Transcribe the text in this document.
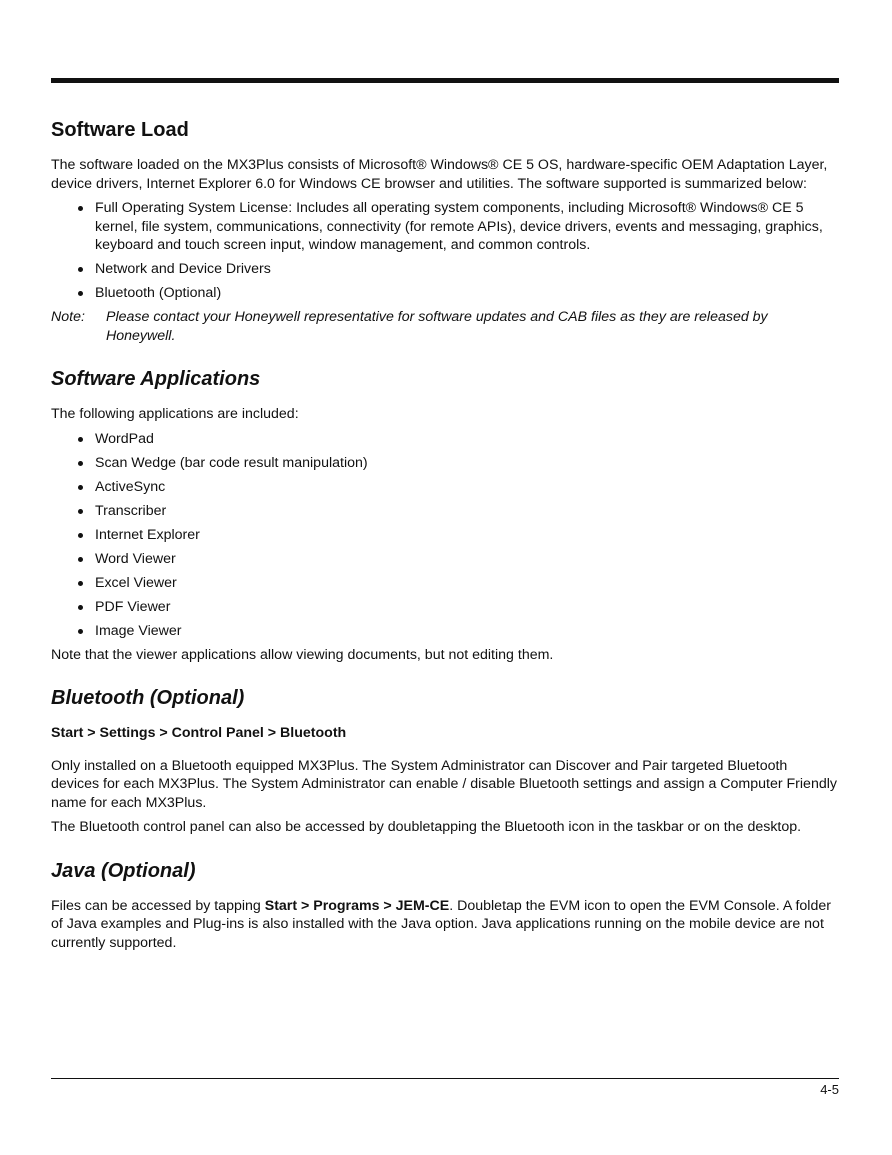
Software Load

The software loaded on the MX3Plus consists of Microsoft® Windows® CE 5 OS, hardware-specific OEM Adaptation Layer, device drivers, Internet Explorer 6.0 for Windows CE browser and utilities. The software supported is summarized below:

Full Operating System License: Includes all operating system components, including Microsoft® Windows® CE 5 kernel, file system, communications, connectivity (for remote APIs), device drivers, events and messaging, graphics, keyboard and touch screen input, window management, and common controls.
Network and Device Drivers
Bluetooth (Optional)
Note:	Please contact your Honeywell representative for software updates and CAB files as they are released by Honeywell.
Software Applications

The following applications are included:

WordPad
Scan Wedge (bar code result manipulation)
ActiveSync
Transcriber
Internet Explorer
Word Viewer
Excel Viewer
PDF Viewer
Image Viewer

Note that the viewer applications allow viewing documents, but not editing them.

Bluetooth (Optional)
Start > Settings > Control Panel > Bluetooth

Only installed on a Bluetooth equipped MX3Plus. The System Administrator can Discover and Pair targeted Bluetooth devices for each MX3Plus. The System Administrator can enable / disable Bluetooth settings and assign a Computer Friendly name for each MX3Plus.

The Bluetooth control panel can also be accessed by doubletapping the Bluetooth icon in the taskbar or on the desktop.

Java (Optional)

Files can be accessed by tapping Start > Programs > JEM-CE. Doubletap the EVM icon to open the EVM Console. A folder of Java examples and Plug-ins is also installed with the Java option. Java applications running on the mobile device are not currently supported.

4-5
